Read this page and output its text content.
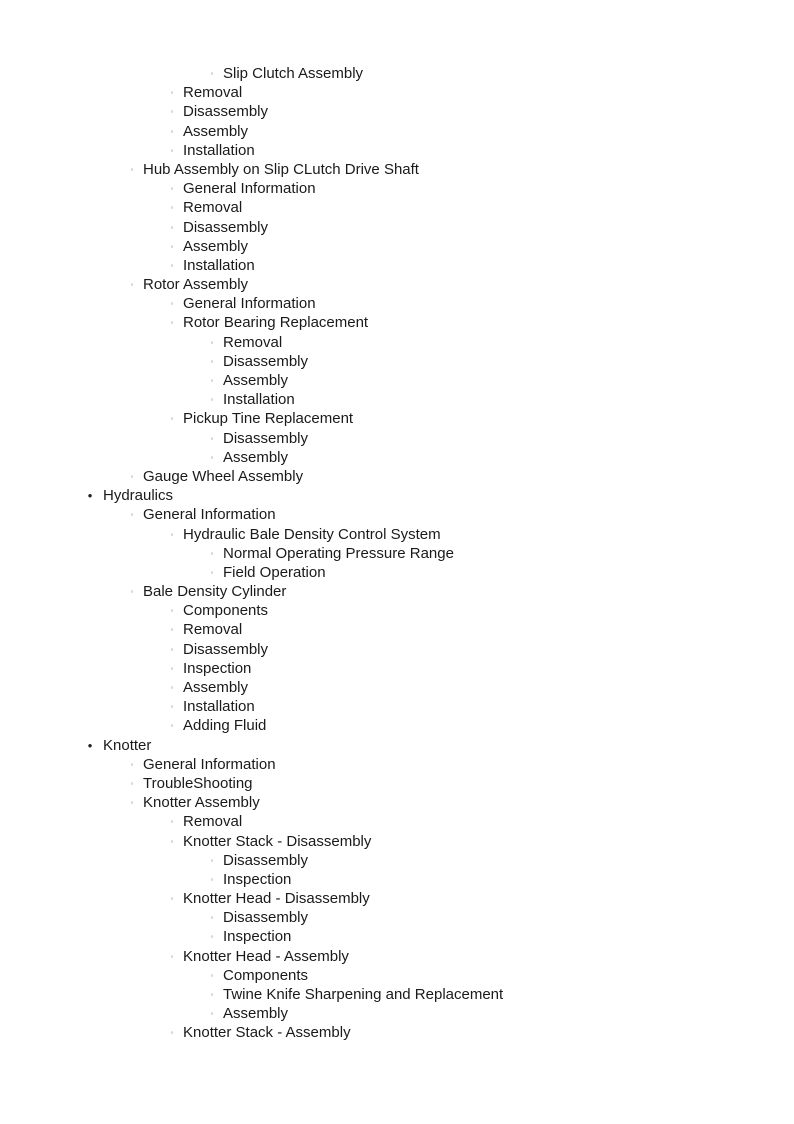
◦ Slip Clutch Assembly
◦ Removal
◦ Disassembly
◦ Assembly
◦ Installation
◦ Hub Assembly on Slip CLutch Drive Shaft
◦ General Information
◦ Removal
◦ Disassembly
◦ Assembly
◦ Installation
◦ Rotor Assembly
◦ General Information
◦ Rotor Bearing Replacement
◦ Removal
◦ Disassembly
◦ Assembly
◦ Installation
◦ Pickup Tine Replacement
◦ Disassembly
◦ Assembly
◦ Gauge Wheel Assembly
• Hydraulics
◦ General Information
◦ Hydraulic Bale Density Control System
◦ Normal Operating Pressure Range
◦ Field Operation
◦ Bale Density Cylinder
◦ Components
◦ Removal
◦ Disassembly
◦ Inspection
◦ Assembly
◦ Installation
◦ Adding Fluid
• Knotter
◦ General Information
◦ TroubleShooting
◦ Knotter Assembly
◦ Removal
◦ Knotter Stack - Disassembly
◦ Disassembly
◦ Inspection
◦ Knotter Head - Disassembly
◦ Disassembly
◦ Inspection
◦ Knotter Head - Assembly
◦ Components
◦ Twine Knife Sharpening and Replacement
◦ Assembly
◦ Knotter Stack - Assembly
